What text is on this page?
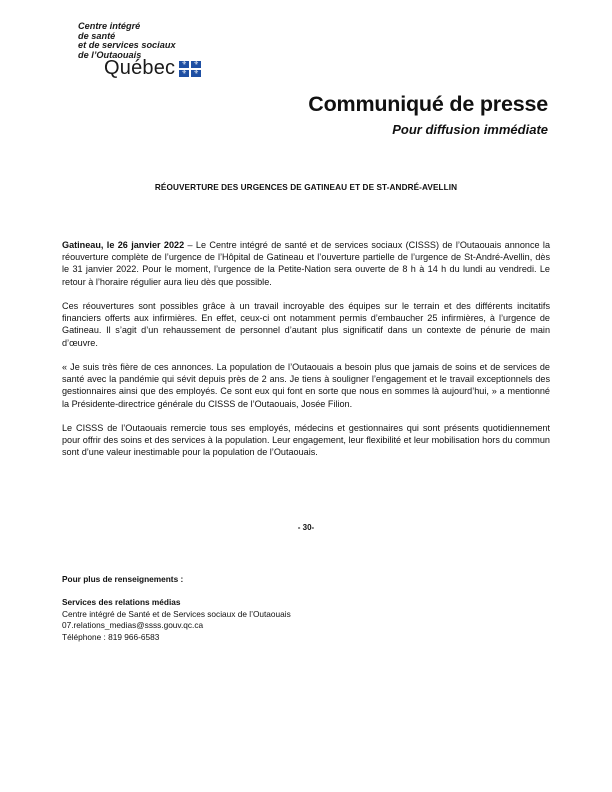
Centre intégré
de santé
et de services sociaux
de l’Outaouais
Québec	⚜	⚜
⚜	⚜
Communiqué de presse
Pour diffusion immédiate
RÉOUVERTURE DES URGENCES DE GATINEAU ET DE ST-ANDRÉ-AVELLIN

Gatineau, le 26 janvier 2022 – Le Centre intégré de santé et de services sociaux (CISSS) de l’Outaouais annonce la réouverture complète de l’urgence de l’Hôpital de Gatineau et l’ouverture partielle de l’urgence de St-André-Avellin, dès le 31 janvier 2022. Pour le moment, l’urgence de la Petite-Nation sera ouverte de 8 h à 14 h du lundi au vendredi. Le retour à l’horaire régulier aura lieu dès que possible.

Ces réouvertures sont possibles grâce à un travail incroyable des équipes sur le terrain et des différents incitatifs financiers offerts aux infirmières. En effet, ceux-ci ont notamment permis d’embaucher 25 infirmières, à l’urgence de Gatineau. Il s’agit d’un rehaussement de personnel d’autant plus significatif dans un contexte de pénurie de main d’œuvre.

« Je suis très fière de ces annonces. La population de l’Outaouais a besoin plus que jamais de soins et de services de santé avec la pandémie qui sévit depuis près de 2 ans. Je tiens à souligner l’engagement et le travail exceptionnels des gestionnaires ainsi que des employés. Ce sont eux qui font en sorte que nous en sommes là aujourd’hui, » a mentionné la Présidente-directrice générale du CISSS de l’Outaouais, Josée Filion.

Le CISSS de l’Outaouais remercie tous ses employés, médecins et gestionnaires qui sont présents quotidiennement pour offrir des soins et des services à la population. Leur engagement, leur flexibilité et leur mobilisation hors du commun sont d’une valeur inestimable pour la population de l’Outaouais.

- 30-
Pour plus de renseignements :
Services des relations médias
Centre intégré de Santé et de Services sociaux de l’Outaouais
07.relations_medias@ssss.gouv.qc.ca
Téléphone : 819 966-6583
